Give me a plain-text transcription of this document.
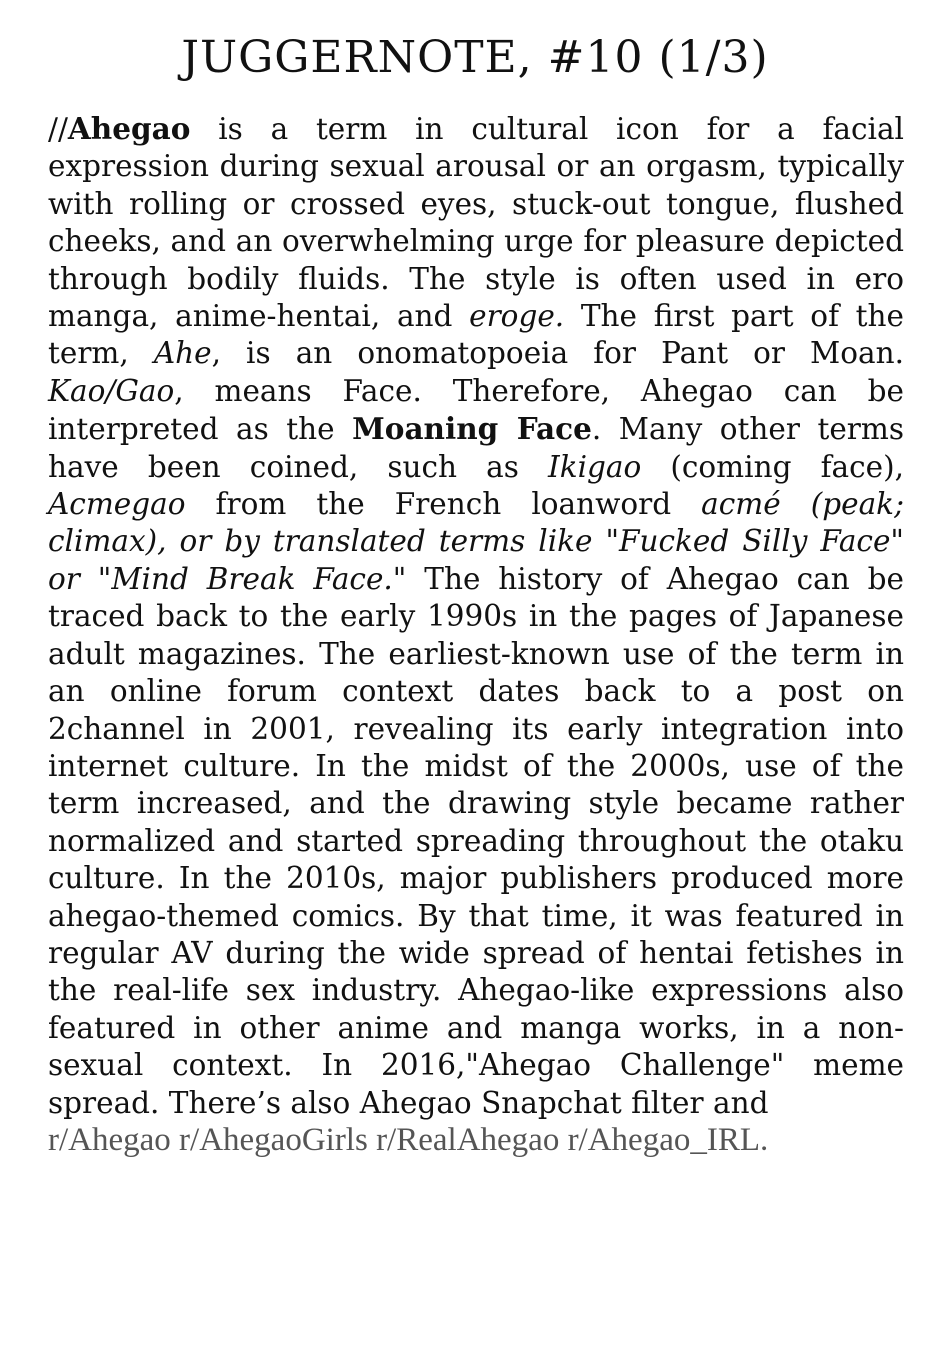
JUGGERNOTE, #10 (1/3)

//Ahegao is a term in cultural icon for a facial expression during sexual arousal or an orgasm, typically with rolling or crossed eyes, stuck-out tongue, flushed cheeks, and an overwhelming urge for pleasure depicted through bodily fluids. The style is often used in ero manga, anime-hentai, and eroge. The first part of the term, Ahe, is an onomatopoeia for Pant or Moan. Kao/Gao, means Face. Therefore, Ahegao can be interpreted as the Moaning Face. Many other terms have been coined, such as Ikigao (coming face), Acmegao from the French loanword acmé (peak; climax), or by translated terms like "Fucked Silly Face" or "Mind Break Face." The history of Ahegao can be traced back to the early 1990s in the pages of Japanese adult magazines. The earliest-known use of the term in an online forum context dates back to a post on 2channel in 2001, revealing its early integration into internet culture. In the midst of the 2000s, use of the term increased, and the drawing style became rather normalized and started spreading throughout the otaku culture. In the 2010s, major publishers produced more ahegao-themed comics. By that time, it was featured in regular AV during the wide spread of hentai fetishes in the real-life sex industry. Ahegao-like expressions also featured in other anime and manga works, in a non-sexual context. In 2016,"Ahegao Challenge" meme spread. There’s also Ahegao Snapchat filter and
r/Ahegao r/AhegaoGirls r/RealAhegao r/Ahegao_IRL.
